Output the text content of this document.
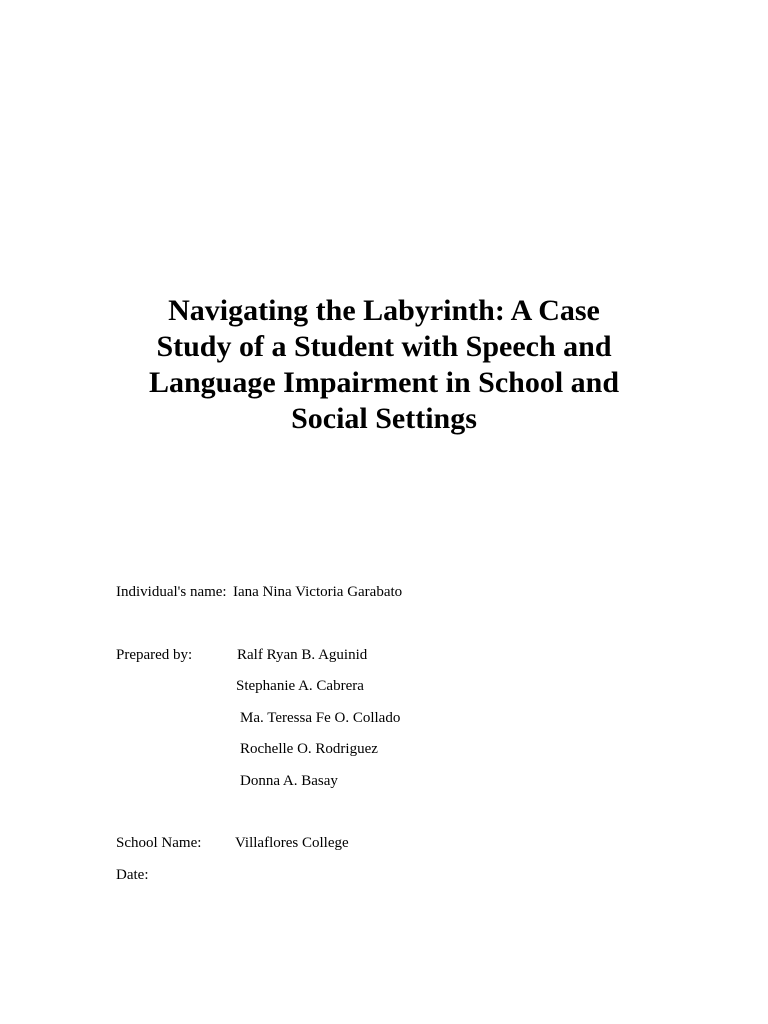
Navigating the Labyrinth: A Case
Study of a Student with Speech and
Language Impairment in School and
Social Settings
Individual's name: Iana Nina Victoria Garabato
Prepared by:	Ralf Ryan B. Aguinid
Stephanie A. Cabrera
Ma. Teressa Fe O. Collado
Rochelle O. Rodriguez
Donna A. Basay
School Name: Villaflores College
Date:
